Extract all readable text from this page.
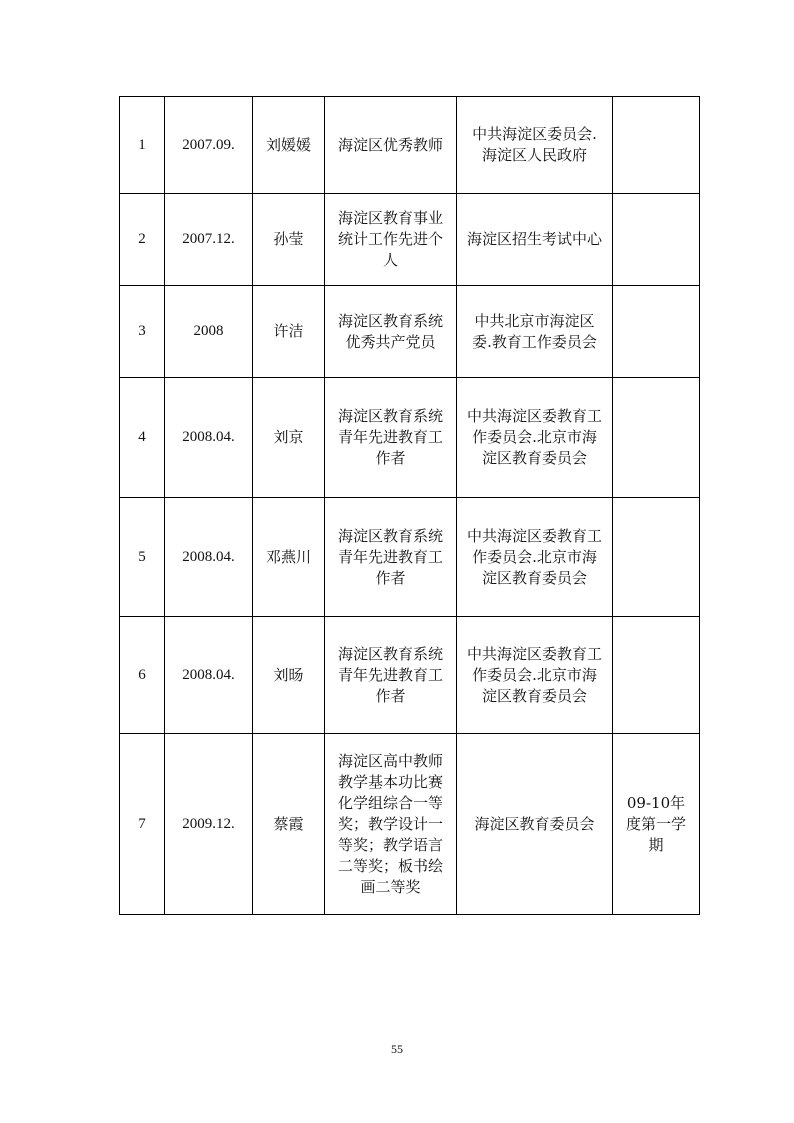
1	2007.09.	刘媛媛	海淀区优秀教师	中共海淀区委员会.海淀区人民政府	
2	2007.12.	孙莹	海淀区教育事业统计工作先进个人	海淀区招生考试中心	
3	2008	许洁	海淀区教育系统优秀共产党员	中共北京市海淀区委.教育工作委员会	
4	2008.04.	刘京	海淀区教育系统青年先进教育工作者	中共海淀区委教育工作委员会.北京市海淀区教育委员会	
5	2008.04.	邓燕川	海淀区教育系统青年先进教育工作者	中共海淀区委教育工作委员会.北京市海淀区教育委员会	
6	2008.04.	刘旸	海淀区教育系统青年先进教育工作者	中共海淀区委教育工作委员会.北京市海淀区教育委员会	
7	2009.12.	蔡霞	海淀区高中教师教学基本功比赛化学组综合一等奖；教学设计一等奖；教学语言二等奖；板书绘画二等奖	海淀区教育委员会	09-10年度第一学期
55
